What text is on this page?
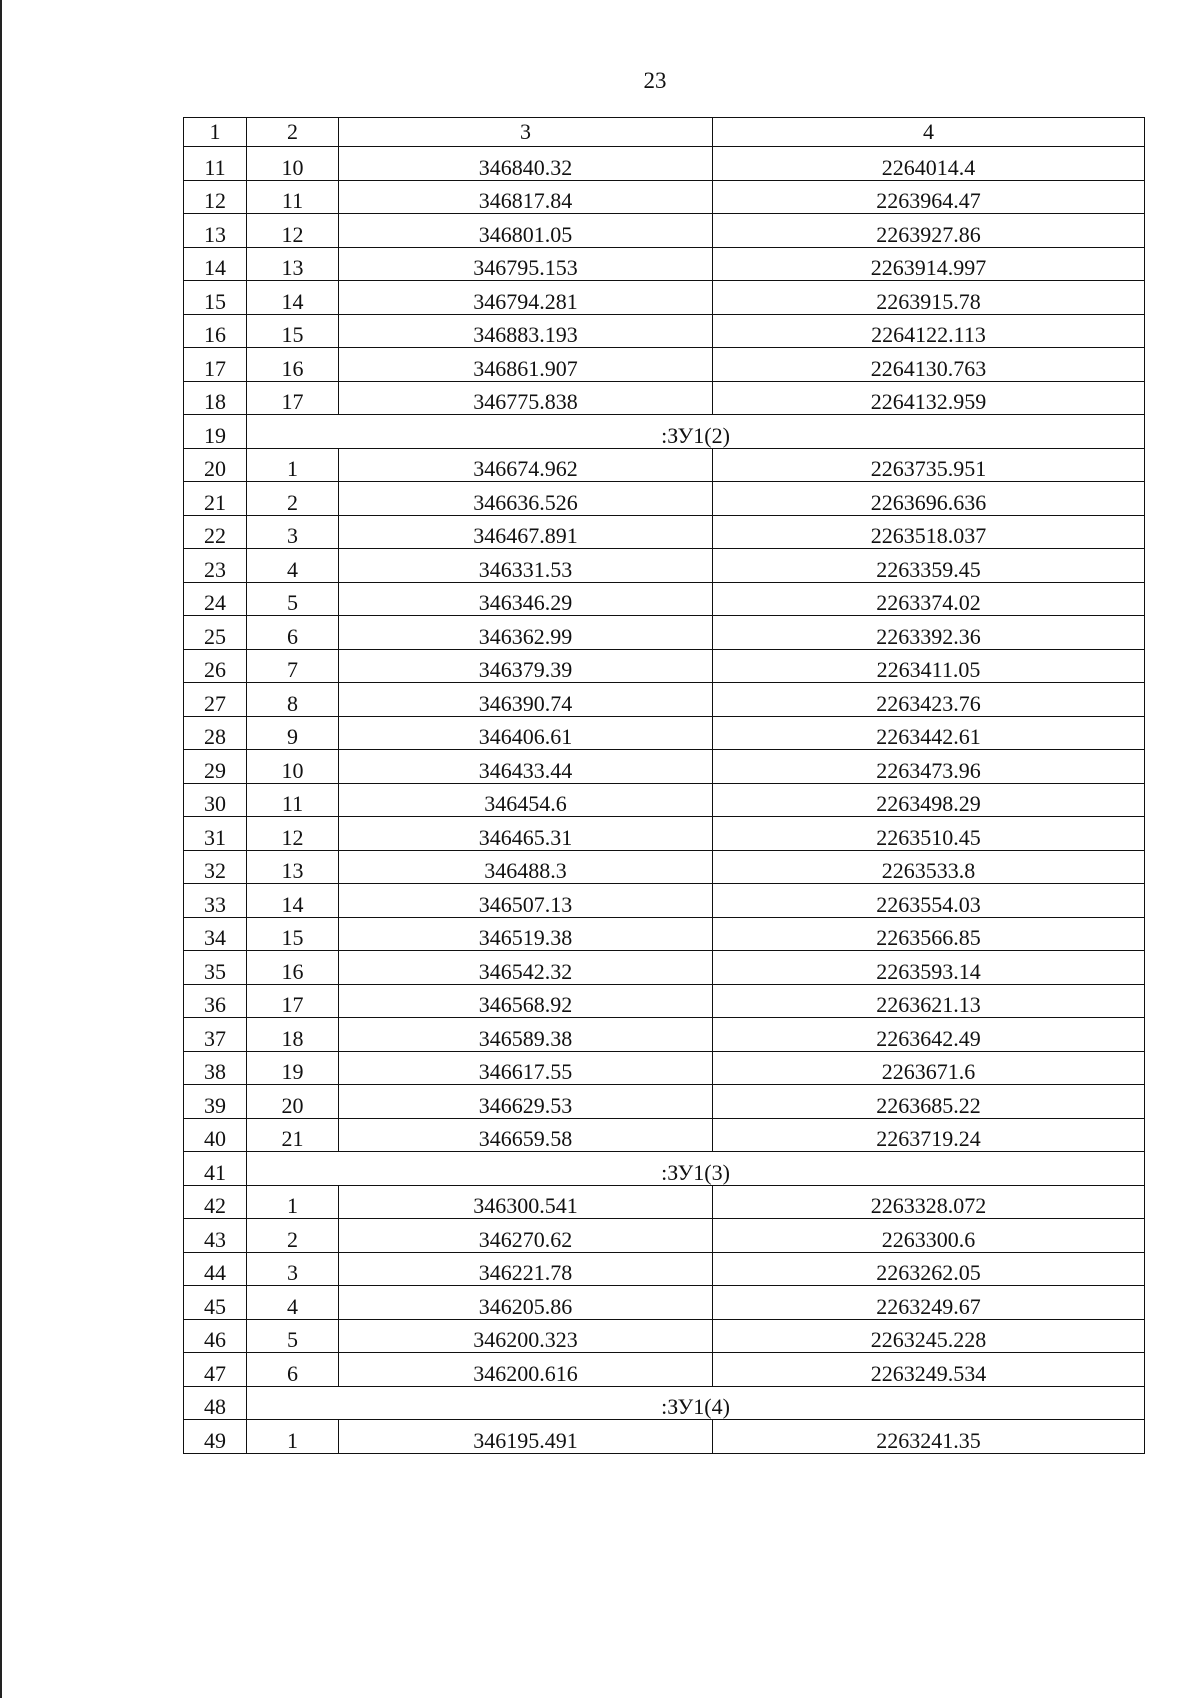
23
1	2	3	4
11	10	346840.32	2264014.4
12	11	346817.84	2263964.47
13	12	346801.05	2263927.86
14	13	346795.153	2263914.997
15	14	346794.281	2263915.78
16	15	346883.193	2264122.113
17	16	346861.907	2264130.763
18	17	346775.838	2264132.959
19	:ЗУ1(2)		
20	1	346674.962	2263735.951
21	2	346636.526	2263696.636
22	3	346467.891	2263518.037
23	4	346331.53	2263359.45
24	5	346346.29	2263374.02
25	6	346362.99	2263392.36
26	7	346379.39	2263411.05
27	8	346390.74	2263423.76
28	9	346406.61	2263442.61
29	10	346433.44	2263473.96
30	11	346454.6	2263498.29
31	12	346465.31	2263510.45
32	13	346488.3	2263533.8
33	14	346507.13	2263554.03
34	15	346519.38	2263566.85
35	16	346542.32	2263593.14
36	17	346568.92	2263621.13
37	18	346589.38	2263642.49
38	19	346617.55	2263671.6
39	20	346629.53	2263685.22
40	21	346659.58	2263719.24
41	:ЗУ1(3)		
42	1	346300.541	2263328.072
43	2	346270.62	2263300.6
44	3	346221.78	2263262.05
45	4	346205.86	2263249.67
46	5	346200.323	2263245.228
47	6	346200.616	2263249.534
48	:ЗУ1(4)		
49	1	346195.491	2263241.35
